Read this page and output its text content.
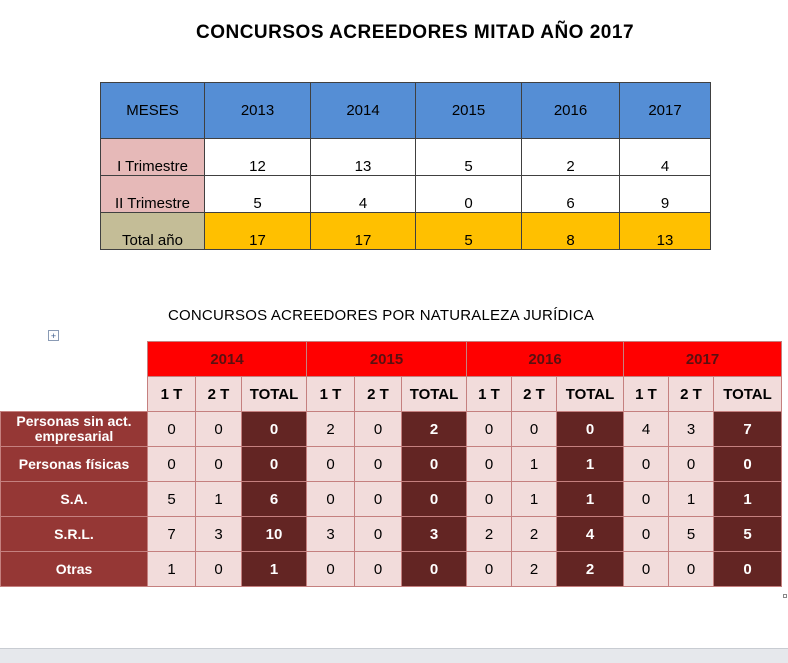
CONCURSOS ACREEDORES MITAD AÑO 2017
MESES	2013	2014	2015	2016	2017
I Trimestre	12	13	5	2	4
II Trimestre	5	4	0	6	9
Total año	17	17	5	8	13
CONCURSOS ACREEDORES POR NATURALEZA JURÍDICA
+
	2014			2015			2016			2017		
	1 T	2 T	TOTAL	1 T	2 T	TOTAL	1 T	2 T	TOTAL	1 T	2 T	TOTAL
Personas sin act. empresarial	0	0	0	2	0	2	0	0	0	4	3	7
Personas físicas	0	0	0	0	0	0	0	1	1	0	0	0
S.A.	5	1	6	0	0	0	0	1	1	0	1	1
S.R.L.	7	3	10	3	0	3	2	2	4	0	5	5
Otras	1	0	1	0	0	0	0	2	2	0	0	0
